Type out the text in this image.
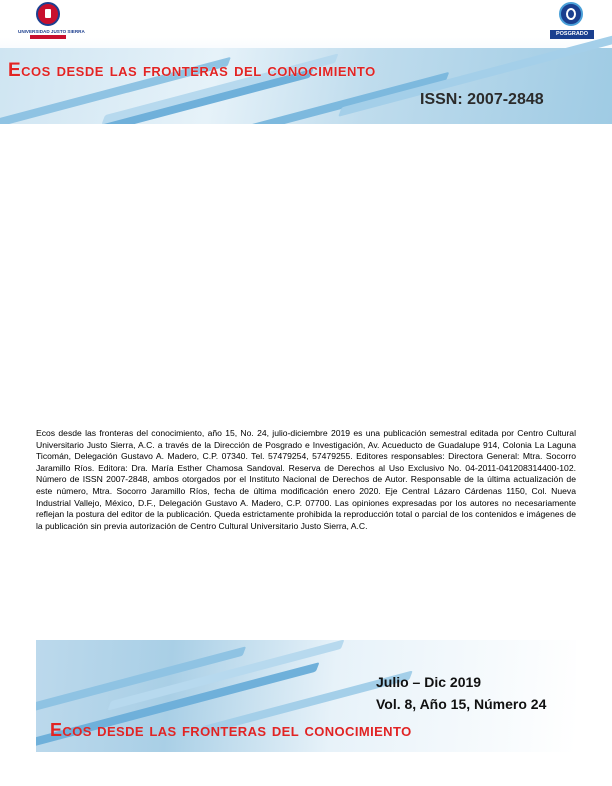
UNIVERSIDAD JUSTO SIERRA	POSGRADO
Ecos desde las fronteras del conocimiento
ISSN: 2007-2848

Ecos desde las fronteras del conocimiento, año 15, No. 24, julio-diciembre 2019 es una publicación semestral editada por Centro Cultural Universitario Justo Sierra, A.C. a través de la Dirección de Posgrado e Investigación, Av. Acueducto de Guadalupe 914, Colonia La Laguna Ticomán, Delegación Gustavo A. Madero, C.P. 07340. Tel. 57479254, 57479255. Editores responsables: Directora General: Mtra. Socorro Jaramillo Ríos. Editora: Dra. María Esther Chamosa Sandoval. Reserva de Derechos al Uso Exclusivo No. 04-2011-041208314400-102. Número de ISSN 2007-2848, ambos otorgados por el Instituto Nacional de Derechos de Autor. Responsable de la última actualización de este número, Mtra. Socorro Jaramillo Ríos, fecha de última modificación enero 2020. Eje Central Lázaro Cárdenas 1150, Col. Nueva Industrial Vallejo, México, D.F., Delegación Gustavo A. Madero, C.P. 07700. Las opiniones expresadas por los autores no necesariamente reflejan la postura del editor de la publicación. Queda estrictamente prohibida la reproducción total o parcial de los contenidos e imágenes de la publicación sin previa autorización de Centro Cultural Universitario Justo Sierra, A.C.

Julio – Dic 2019
Vol. 8, Año 15, Número 24
Ecos desde las fronteras del conocimiento
